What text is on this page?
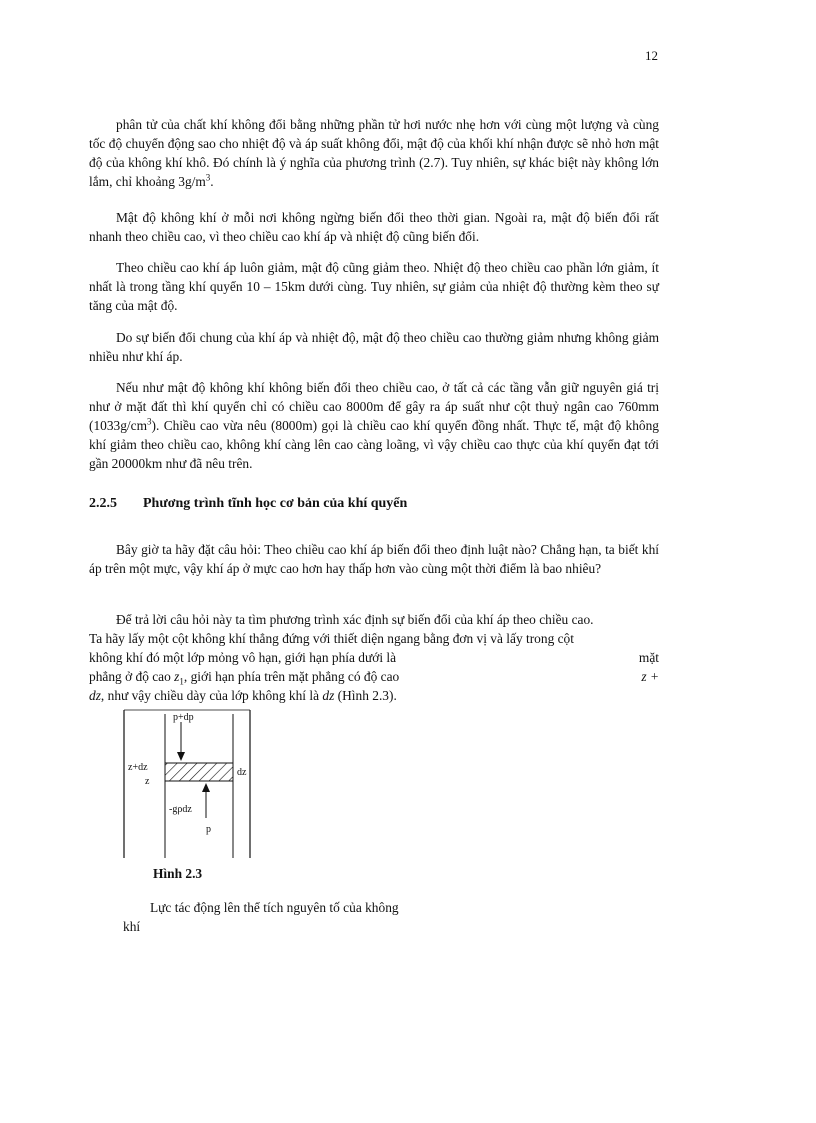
12

phân tử của chất khí không đổi bằng những phần tử hơi nước nhẹ hơn với cùng một lượng và cùng tốc độ chuyển động sao cho nhiệt độ và áp suất không đổi, mật độ của khối khí nhận được sẽ nhỏ hơn mật độ của không khí khô. Đó chính là ý nghĩa của phương trình (2.7). Tuy nhiên, sự khác biệt này không lớn lắm, chỉ khoảng $3g/m^3$.

Mật độ không khí ở mỗi nơi không ngừng biến đổi theo thời gian. Ngoài ra, mật độ biến đổi rất nhanh theo chiều cao, vì theo chiều cao khí áp và nhiệt độ cũng biến đổi.

Theo chiều cao khí áp luôn giảm, mật độ cũng giảm theo. Nhiệt độ theo chiều cao phần lớn giảm, ít nhất là trong tầng khí quyển 10 – 15km dưới cùng. Tuy nhiên, sự giảm của nhiệt độ thường kèm theo sự tăng của mật độ.

Do sự biến đổi chung của khí áp và nhiệt độ, mật độ theo chiều cao thường giảm nhưng không giảm nhiều như khí áp.

Nếu như mật độ không khí không biến đổi theo chiều cao, ở tất cả các tầng vẫn giữ nguyên giá trị như ở mặt đất thì khí quyển chỉ có chiều cao 8000m để gây ra áp suất như cột thuỷ ngân cao 760mm $(1033g/cm^3)$. Chiều cao vừa nêu (8000m) gọi là chiều cao khí quyển đồng nhất. Thực tế, mật độ không khí giảm theo chiều cao, không khí càng lên cao càng loãng, vì vậy chiều cao thực của khí quyển đạt tới gần 20000km như đã nêu trên.

2.2.5 Phương trình tĩnh học cơ bản của khí quyển

Bây giờ ta hãy đặt câu hỏi: Theo chiều cao khí áp biến đổi theo định luật nào? Chẳng hạn, ta biết khí áp trên một mực, vậy khí áp ở mực cao hơn hay thấp hơn vào cùng một thời điểm là bao nhiêu?

Để trả lời câu hỏi này ta tìm phương trình xác định sự biến đổi của khí áp theo chiều cao.
Ta hãy lấy một cột không khí thẳng đứng với thiết diện ngang bằng đơn vị và lấy trong cột
không khí đó một lớp mỏng vô hạn, giới hạn phía dưới là	mặt
phẳng ở độ cao $z_1$, giới hạn phía trên mặt phẳng có độ cao	z +
dz, như vậy chiều dày của lớp không khí là dz (Hình 2.3).
p+dp
z+dz
z
dz
-gρdz
p
Hình 2.3
Lực tác động lên thể tích nguyên tố của không khí
